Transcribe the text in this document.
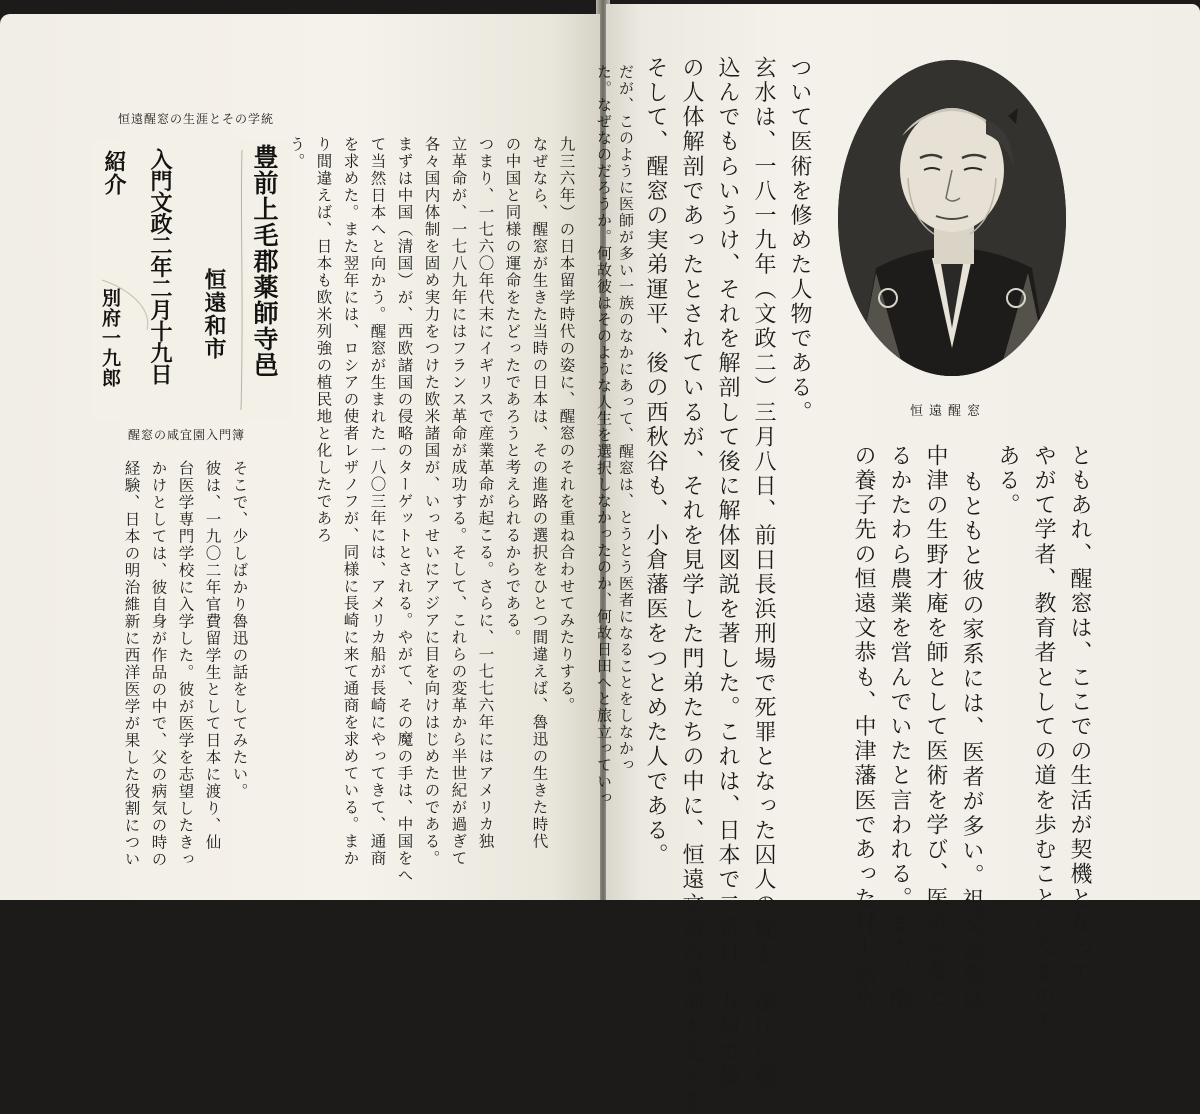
恒遠醒窓の生涯とその学統
豊前上毛郡薬師寺邑
恒遠和市
入門文政二年二月十九日
紹介
別府一九郎
醒窓の咸宜園入門簿	九三六年）の日本留学時代の姿に、醒窓のそれを重ね合わせてみたりする。
なぜなら、醒窓が生きた当時の日本は、その進路の選択をひとつ間違えば、魯迅の生きた時代
の中国と同様の運命をたどったであろうと考えられるからである。
つまり、一七六〇年代末にイギリスで産業革命が起こる。さらに、一七七六年にはアメリカ独
立革命が、一七八九年にはフランス革命が成功する。そして、これらの変革から半世紀が過ぎて
各々国内体制を固め実力をつけた欧米諸国が、いっせいにアジアに目を向けはじめたのである。
まずは中国（清国）が、西欧諸国の侵略のターゲットとされる。やがて、その魔の手は、中国をへ
て当然日本へと向かう。醒窓が生まれた一八〇三年には、アメリカ船が長崎にやってきて、通商
を求めた。また翌年には、ロシアの使者レザノフが、同様に長崎に来て通商を求めている。まか
り間違えば、日本も欧米列強の植民地と化したであろ
う。
そこで、少しばかり魯迅の話をしてみたい。
彼は、一九〇二年官費留学生として日本に渡り、仙
台医学専門学校に入学した。彼が医学を志望したきっ
かけとしては、彼自身が作品の中で、父の病気の時の
経験、日本の明治維新に西洋医学が果した役割につい
ついて医術を修めた人物である。
玄水は、一八一九年（文政二）三月八日、前日長浜刑場で死罪となった囚人の屍を、藩庁に頼
込んでもらいうけ、それを解剖して後に解体図説を著した。これは、日本で二番目、九州で最
の人体解剖であったとされているが、それを見学した門弟たちの中に、恒遠文恭の名前も見える
そして、醒窓の実弟運平、後の西秋谷も、小倉藩医をつとめた人である。
だが、このように医師が多い一族のなかにあって、醒窓は、とうとう医者になることをしなかっ
た。なぜなのだろうか。何故彼はそのような人生を選択しなかったのか、何故日田へと旅立っていっ	ともあれ、醒窓は、ここでの生活が契機となって、
やがて学者、教育者としての道を歩むことになるので
ある。
もともと彼の家系には、医者が多い。祖父益庵は、
中津の生野才庵を師として医術を学び、医者を業と
るかたわら農業を営んでいたと言われる。また、醒
の養子先の恒遠文恭も、中津藩医であった村上玄水
恒遠醒窓
